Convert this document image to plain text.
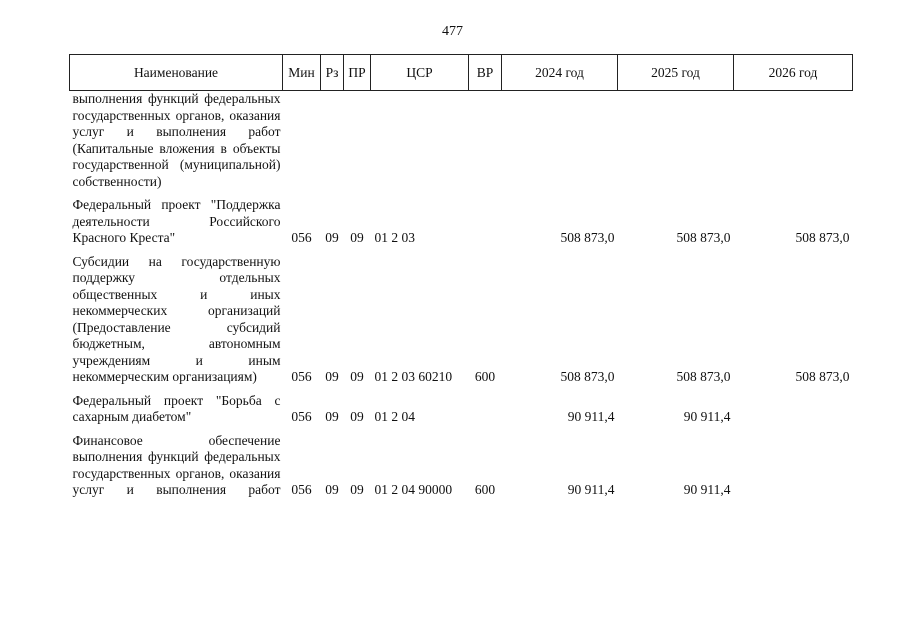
477
Наименование	Мин	Рз	ПР	ЦСР	ВР	2024 год	2025 год	2026 год
выполнения функций федеральных государственных органов, оказания услуг и выполнения работ (Капитальные вложения в объекты государственной (муниципальной) собственности)								
Федеральный проект "Поддержка деятельности Российского Красного Креста"	056	09	09	01 2 03		508 873,0	508 873,0	508 873,0
Субсидии на государственную поддержку отдельных общественных и иных некоммерческих организаций (Предоставление субсидий бюджетным, автономным учреждениям и иным некоммерческим организациям)	056	09	09	01 2 03 60210	600	508 873,0	508 873,0	508 873,0
Федеральный проект "Борьба с сахарным диабетом"	056	09	09	01 2 04		90 911,4	90 911,4	
Финансовое обеспечение выполнения функций федеральных государственных органов, оказания услуг и выполнения работ	056	09	09	01 2 04 90000	600	90 911,4	90 911,4	
